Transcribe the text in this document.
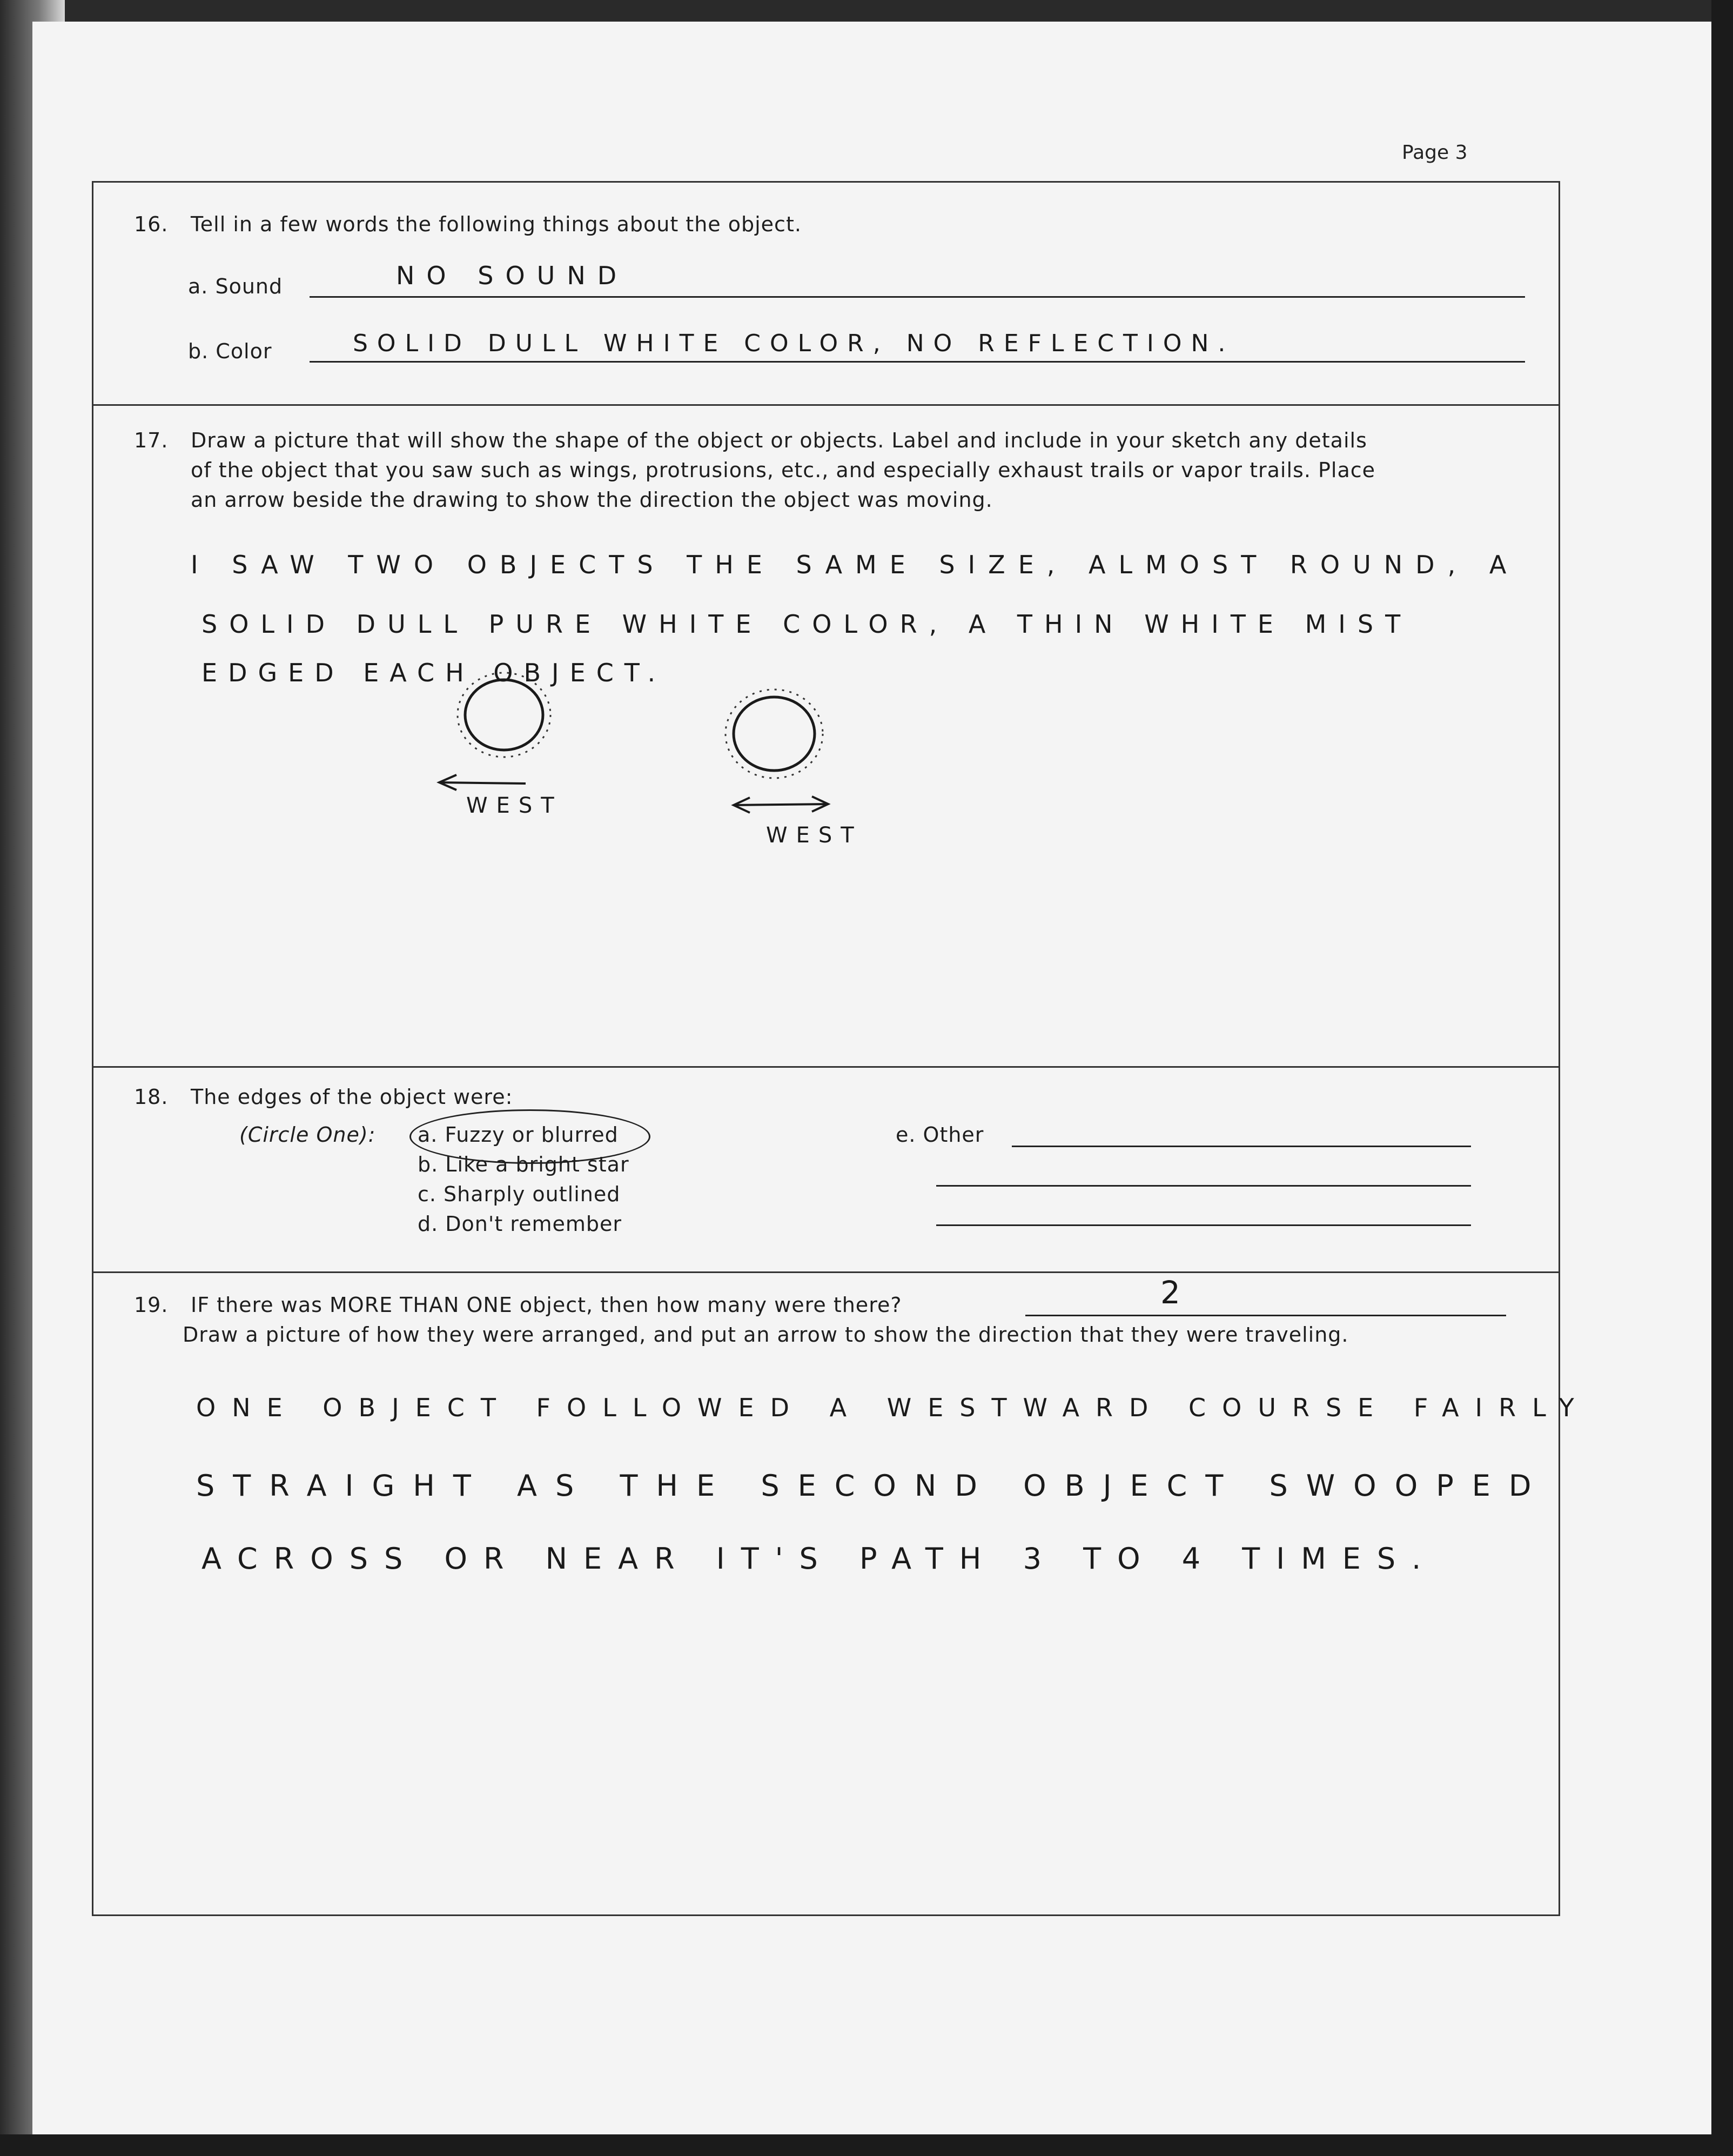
Page 3
16. Tell in a few words the following things about the object.
a. Sound	NO SOUND
b. Color	SOLID DULL WHITE COLOR, NO REFLECTION.
17. Draw a picture that will show the shape of the object or objects. Label and include in your sketch any details
of the object that you saw such as wings, protrusions, etc., and especially exhaust trails or vapor trails. Place
an arrow beside the drawing to show the direction the object was moving.
I SAW TWO OBJECTS THE SAME SIZE, ALMOST ROUND, A
SOLID DULL PURE WHITE COLOR, A THIN WHITE MIST
EDGED EACH OBJECT.
WEST
WEST
18. The edges of the object were:
(Circle One): a. Fuzzy or blurred
b. Like a bright star
c. Sharply outlined
d. Don't remember
e. Other
19. IF there was MORE THAN ONE object, then how many were there?	2
Draw a picture of how they were arranged, and put an arrow to show the direction that they were traveling.
ONE OBJECT FOLLOWED A WESTWARD COURSE FAIRLY
STRAIGHT AS THE SECOND OBJECT SWOOPED
ACROSS OR NEAR IT'S PATH 3 TO 4 TIMES.
